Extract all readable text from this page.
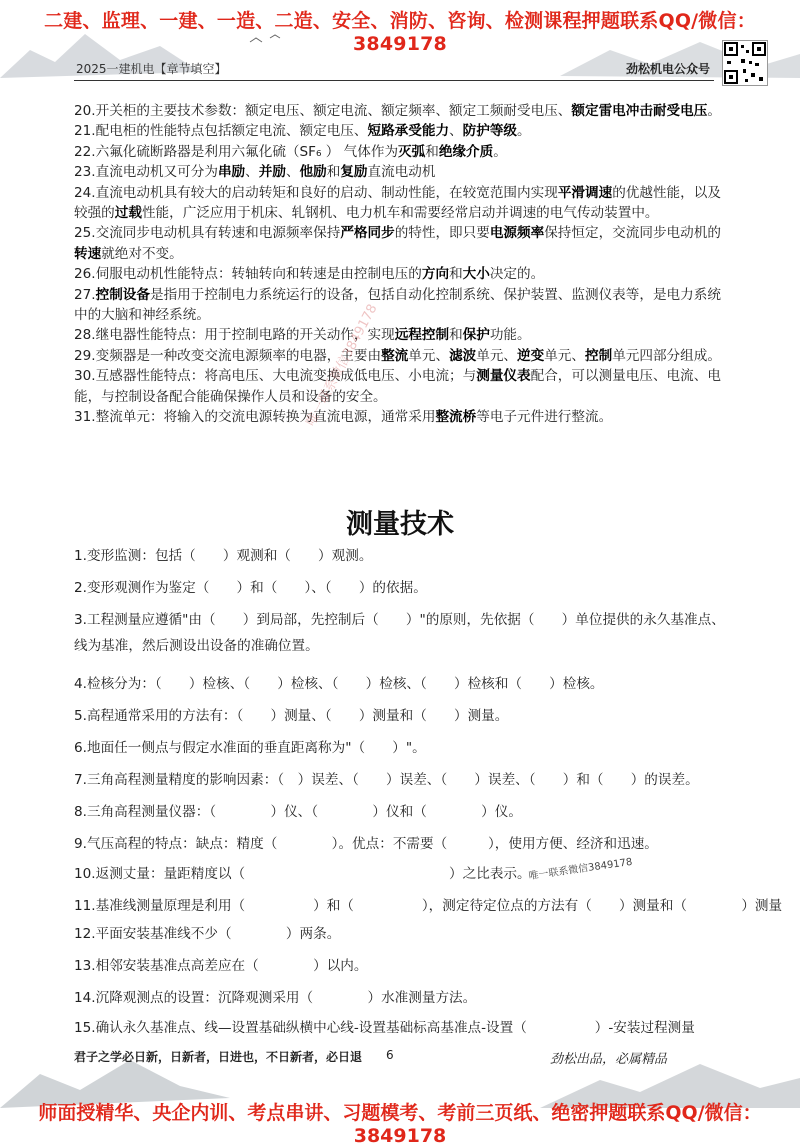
二建、监理、一建、一造、二造、安全、消防、咨询、检测课程押题联系QQ/微信：3849178
2025一建机电【章节填空】	劲松机电公众号

20.开关柜的主要技术参数：额定电压、额定电流、额定频率、额定工频耐受电压、额定雷电冲击耐受电压。

21.配电柜的性能特点包括额定电流、额定电压、短路承受能力、防护等级。

22.六氟化硫断路器是利用六氟化硫（SF₆ ） 气体作为灭弧和绝缘介质。

23.直流电动机又可分为串励、并励、他励和复励直流电动机

24.直流电动机具有较大的启动转矩和良好的启动、制动性能，在较宽范围内实现平滑调速的优越性能，以及较强的过载性能，广泛应用于机床、轧钢机、电力机车和需要经常启动并调速的电气传动装置中。

25.交流同步电动机具有转速和电源频率保持严格同步的特性，即只要电源频率保持恒定，交流同步电动机的转速就绝对不变。

26.伺服电动机性能特点：转轴转向和转速是由控制电压的方向和大小决定的。

27.控制设备是指用于控制电力系统运行的设备，包括自动化控制系统、保护装置、监测仪表等，是电力系统中的大脑和神经系统。

28.继电器性能特点：用于控制电路的开关动作，实现远程控制和保护功能。

29.变频器是一种改变交流电源频率的电器，主要由整流单元、滤波单元、逆变单元、控制单元四部分组成。

30.互感器性能特点：将高电压、大电流变换成低电压、小电流；与测量仪表配合，可以测量电压、电流、电能，与控制设备配合能确保操作人员和设备的安全。

31.整流单元：将输入的交流电源转换为直流电源，通常采用整流桥等电子元件进行整流。

唯一联系微信3849178
测量技术
1.变形监测：包括（　　）观测和（　　）观测。
2.变形观测作为鉴定（　　）和（　　）、（　　）的依据。
3.工程测量应遵循"由（　　）到局部，先控制后（　　）"的原则，先依据（　　）单位提供的永久基准点、
线为基准，然后测设出设备的准确位置。
4.检核分为：（　　）检核、（　　）检核、（　　）检核、（　　）检核和（　　）检核。
5.高程通常采用的方法有：（　　）测量、（　　）测量和（　　）测量。
6.地面任一侧点与假定水准面的垂直距离称为"（　　）"。
7.三角高程测量精度的影响因素：（　）误差、（　　）误差、（　　）误差、（　　）和（　　）的误差。
8.三角高程测量仪器：（　　　　）仪、（　　　　）仪和（　　　　）仪。
9.气压高程的特点：缺点：精度（　　　　）。优点：不需要（　　　），使用方便、经济和迅速。
10.返测丈量：量距精度以（　　　　　　　　　　　　　　　）之比表示。
11.基准线测量原理是利用（　　　　　）和（　　　　　），测定待定位点的方法有（　　）测量和（　　　　）测量
12.平面安装基准线不少（　　　　）两条。
13.相邻安装基准点高差应在（　　　　）以内。
14.沉降观测点的设置：沉降观测采用（　　　　）水准测量方法。
15.确认永久基准点、线—设置基础纵横中心线-设置基础标高基准点-设置（　　　　　）-安装过程测量
唯一联系微信3849178
君子之学必日新，日新者，日进也，不日新者，必日退 6	劲松出品，必属精品
师面授精华、央企内训、考点串讲、习题模考、考前三页纸、绝密押题联系QQ/微信：3849178
